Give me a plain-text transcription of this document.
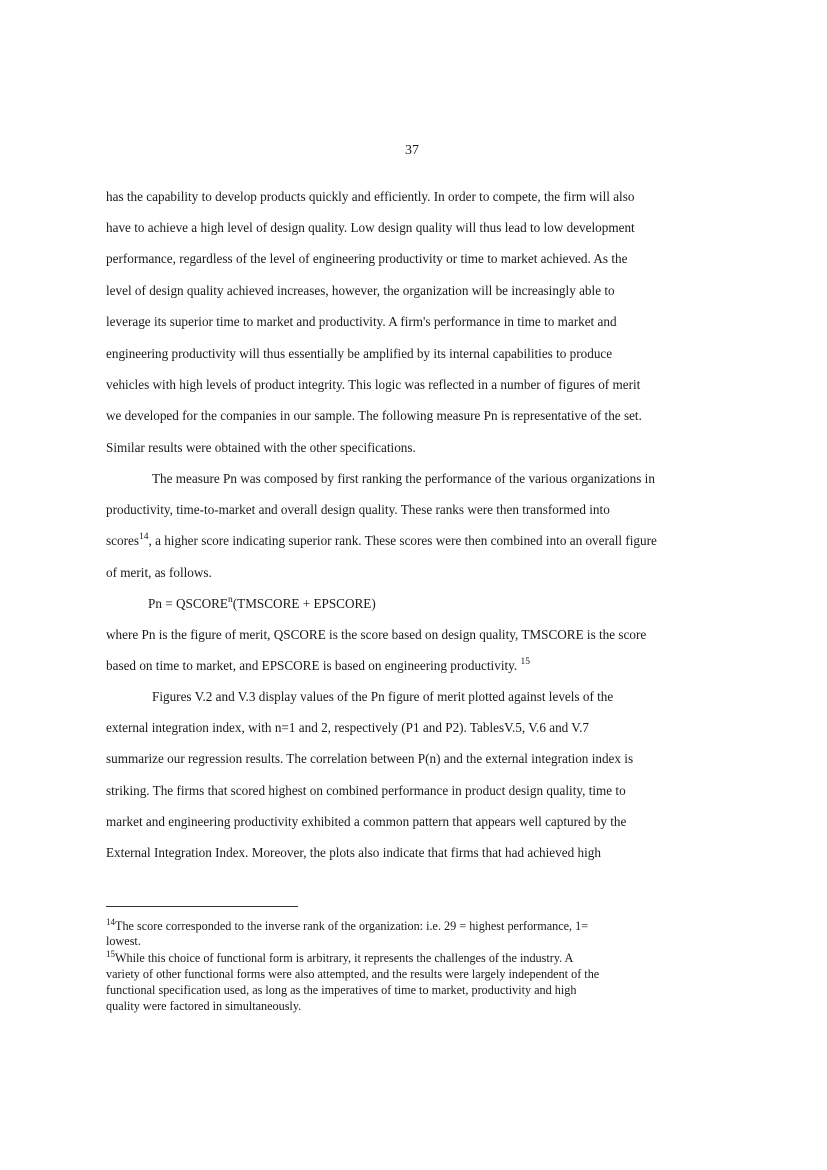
37
has the capability to develop products quickly and efficiently. In order to compete, the firm will also
have to achieve a high level of design quality. Low design quality will thus lead to low development
performance, regardless of the level of engineering productivity or time to market achieved. As the
level of design quality achieved increases, however, the organization will be increasingly able to
leverage its superior time to market and productivity. A firm's performance in time to market and
engineering productivity will thus essentially be amplified by its internal capabilities to produce
vehicles with high levels of product integrity. This logic was reflected in a number of figures of merit
we developed for the companies in our sample. The following measure Pn is representative of the set.
Similar results were obtained with the other specifications.
The measure Pn was composed by first ranking the performance of the various organizations in
productivity, time-to-market and overall design quality. These ranks were then transformed into
scores$^{14}$, a higher score indicating superior rank. These scores were then combined into an overall figure
of merit, as follows.
$Pn = QSCORE^n(TMSCORE$ + EPSCORE)
where Pn is the figure of merit, QSCORE is the score based on design quality, TMSCORE is the score
based on time to market, and EPSCORE is based on engineering productivity. $^{15}$
Figures V.2 and V.3 display values of the Pn figure of merit plotted against levels of the
external integration index, with n=1 and 2, respectively (P1 and P2). TablesV.5, V.6 and V.7
summarize our regression results. The correlation between P(n) and the external integration index is
striking. The firms that scored highest on combined performance in product design quality, time to
market and engineering productivity exhibited a common pattern that appears well captured by the
External Integration Index. Moreover, the plots also indicate that firms that had achieved high
$^{14}$The score corresponded to the inverse rank of the organization: i.e. 29 = highest performance, 1=
lowest.
$^{15}$While this choice of functional form is arbitrary, it represents the challenges of the industry. A
variety of other functional forms were also attempted, and the results were largely independent of the
functional specification used, as long as the imperatives of time to market, productivity and high
quality were factored in simultaneously.
